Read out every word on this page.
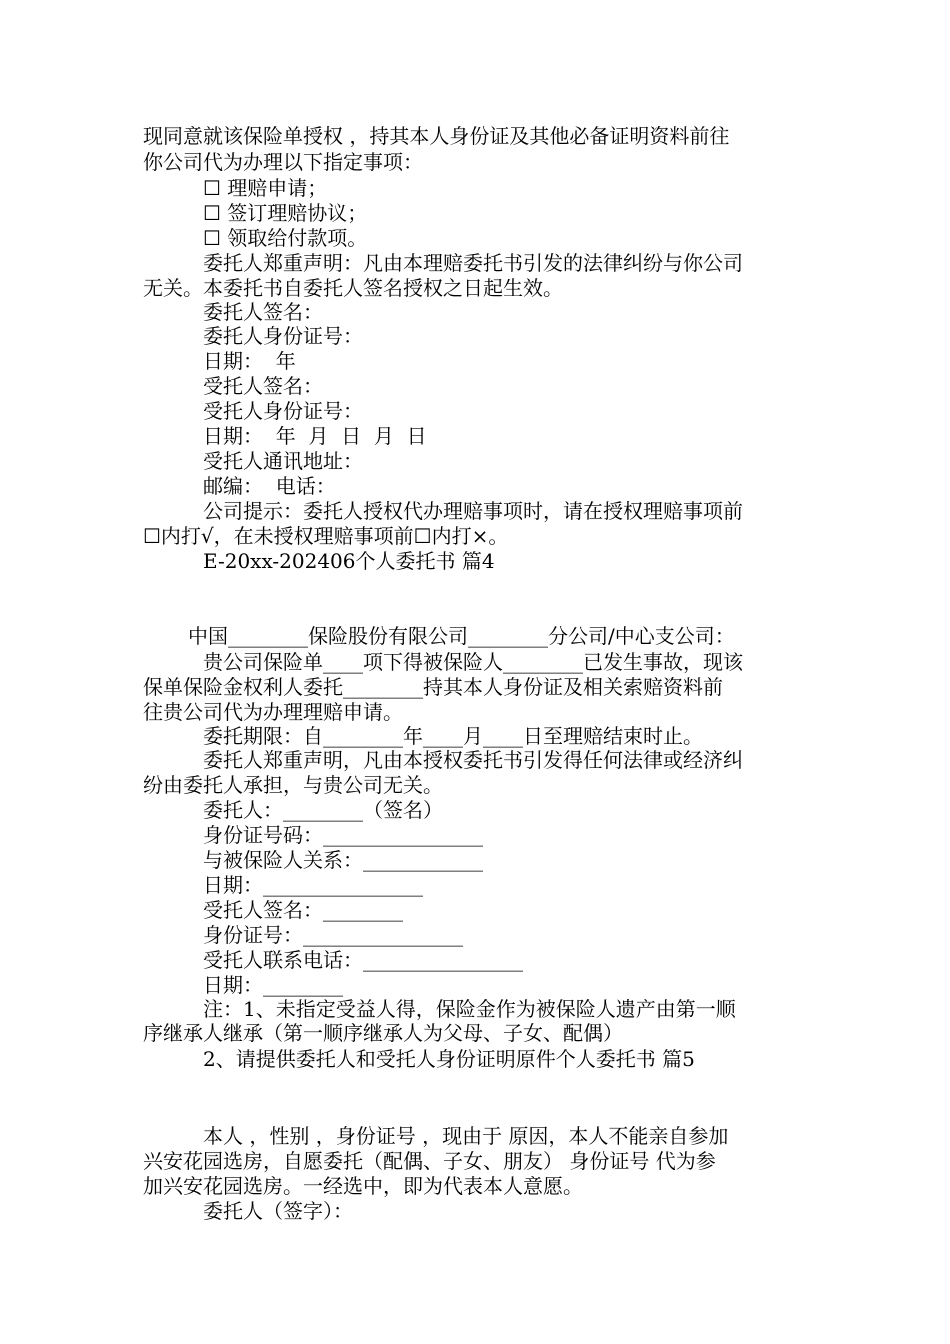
现同意就该保险单授权 ，持其本人身份证及其他必备证明资料前往
你公司代为办理以下指定事项：
☐ 理赔申请；
☐ 签订理赔协议；
☐ 领取给付款项。
委托人郑重声明：凡由本理赔委托书引发的法律纠纷与你公司
无关。本委托书自委托人签名授权之日起生效。
委托人签名：
委托人身份证号：
日期：  年
受托人签名：
受托人身份证号：
日期：  年  月  日  月  日
受托人通讯地址：
邮编：  电话：
公司提示：委托人授权代办理赔事项时，请在授权理赔事项前
☐内打√，在未授权理赔事项前☐内打×。
E-20xx-202406个人委托书 篇4
中国________保险股份有限公司________分公司/中心支公司：
贵公司保险单____项下得被保险人________已发生事故，现该
保单保险金权利人委托________持其本人身份证及相关索赔资料前
往贵公司代为办理理赔申请。
委托期限：自________年____月____日至理赔结束时止。
委托人郑重声明，凡由本授权委托书引发得任何法律或经济纠
纷由委托人承担，与贵公司无关。
委托人：________（签名）
身份证号码：________________
与被保险人关系：____________
日期：________________
受托人签名：________
身份证号：________________
受托人联系电话：________________
日期：________
注：1、未指定受益人得，保险金作为被保险人遗产由第一顺
序继承人继承（第一顺序继承人为父母、子女、配偶）
2、请提供委托人和受托人身份证明原件个人委托书 篇5
本人 ，性别 ，身份证号 ，现由于 原因，本人不能亲自参加
兴安花园选房，自愿委托（配偶、子女、朋友） 身份证号 代为参
加兴安花园选房。一经选中，即为代表本人意愿。
委托人（签字）：
